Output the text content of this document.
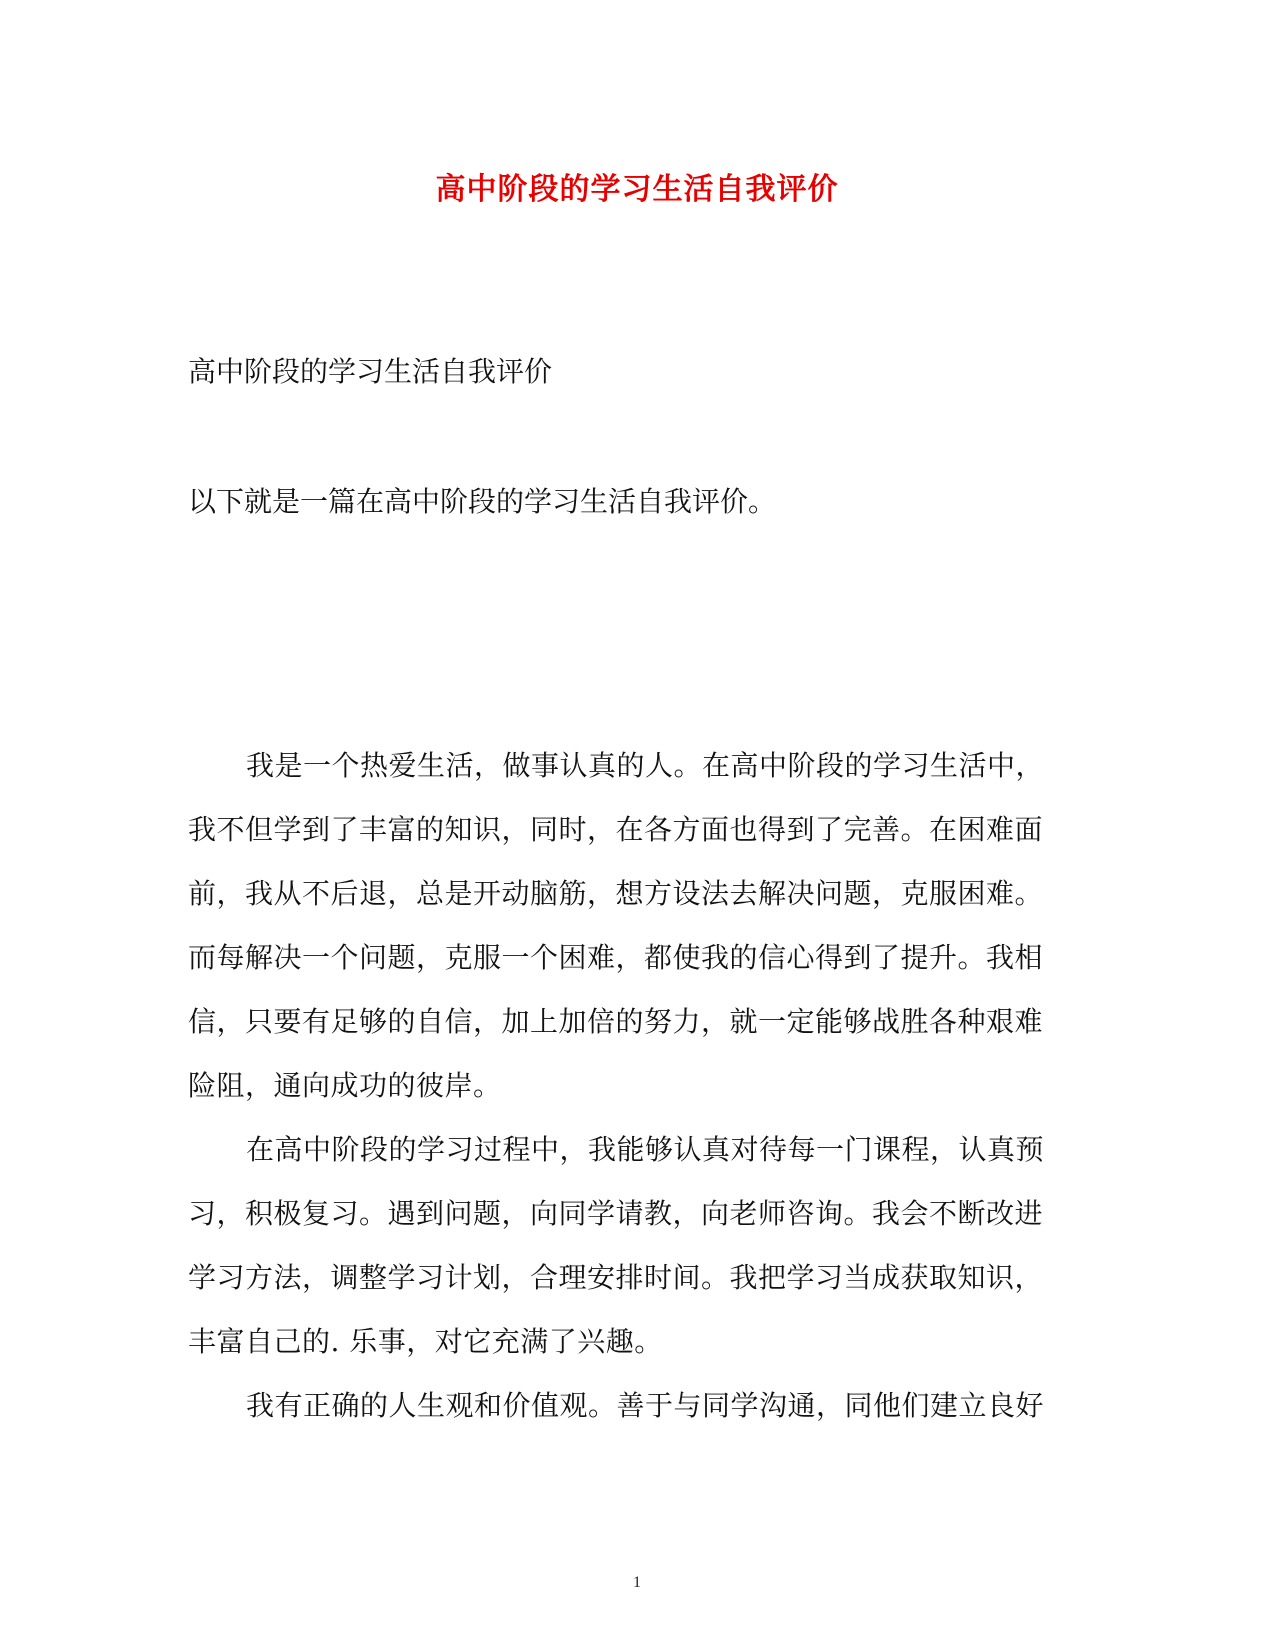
高中阶段的学习生活自我评价
高中阶段的学习生活自我评价
以下就是一篇在高中阶段的学习生活自我评价。
我是一个热爱生活，做事认真的人。在高中阶段的学习生活中，
我不但学到了丰富的知识，同时，在各方面也得到了完善。在困难面
前，我从不后退，总是开动脑筋，想方设法去解决问题，克服困难。
而每解决一个问题，克服一个困难，都使我的信心得到了提升。我相
信，只要有足够的自信，加上加倍的努力，就一定能够战胜各种艰难
险阻，通向成功的彼岸。
在高中阶段的学习过程中，我能够认真对待每一门课程，认真预
习，积极复习。遇到问题，向同学请教，向老师咨询。我会不断改进
学习方法，调整学习计划，合理安排时间。我把学习当成获取知识，
丰富自己的. 乐事，对它充满了兴趣。
我有正确的人生观和价值观。善于与同学沟通，同他们建立良好
1
